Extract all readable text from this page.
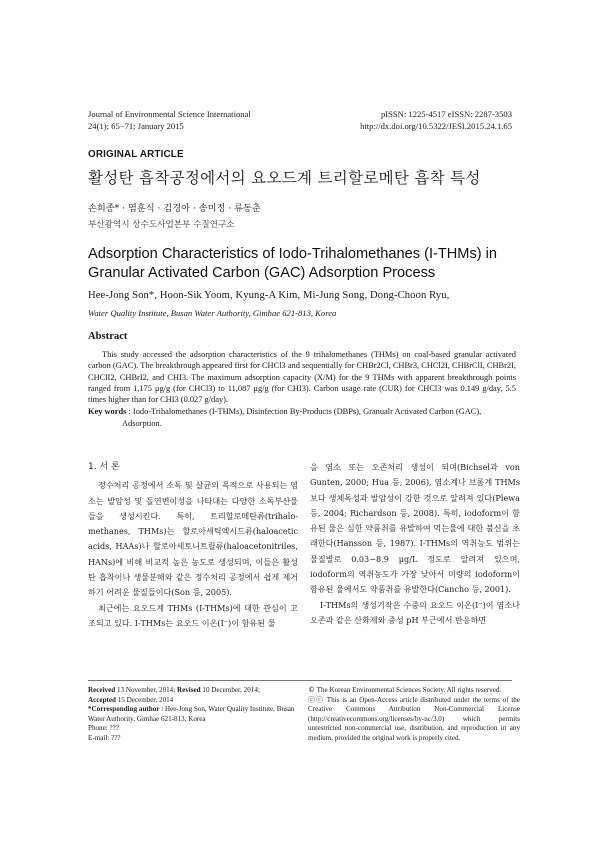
Journal of Environmental Science International
24(1); 65−71; January 2015
pISSN: 1225-4517 eISSN: 2287-3503
http://dx.doi.org/10.5322/JESI.2015.24.1.65
ORIGINAL ARTICLE
활성탄 흡착공정에서의 요오드계 트리할로메탄 흡착 특성
손희종* · 염훈식 · 김경아 · 송미정 · 류동춘
부산광역시 상수도사업본부 수질연구소
Adsorption Characteristics of Iodo-Trihalomethanes (I-THMs) in
Granular Activated Carbon (GAC) Adsorption Process
Hee-Jong Son*, Hoon-Sik Yoom, Kyung-A Kim, Mi-Jung Song, Dong-Choon Ryu,
Water Quality Institute, Busan Water Authority, Gimhae 621-813, Korea
Abstract
This study accessed the adsorption characteristics of the 9 trihalomethanes (THMs) on coal-based granular activated carbon (GAC). The breakthrough appeared first for CHCl3 and sequentially for CHBr2Cl, CHBr3, CHCl2I, CHBrClI, CHBr2I, CHClI2, CHBrI2, and CHI3. The maximum adsorption capacity (X/M) for the 9 THMs with apparent breakthrough points ranged from 1,175 μg/g (for CHCl3) to 11,087 μg/g (for CHI3). Carbon usage rate (CUR) for CHCl3 was 0.149 g/day, 5.5 times higher than for CHI3 (0.027 g/day).
Key words : Iodo-Trihalomethanes (I-THMs), Disinfection By-Products (DBPs), Granualr Activated Carbon (GAC),
Adsorption.
1. 서 론

정수처리 공정에서 소독 및 살균의 목적으로 사용되는 염소는 발암성 및 돌연변이성을 나타내는 다양한 소독부산물들을 생성시킨다. 특히, 트리할로메탄류(trihalo-methanes, THMs)는 할로아세틱엑시드류(haloacetic acids, HAAs)나 할로아세토니트릴류(haloacetonitriles, HANs)에 비해 비교적 높은 농도로 생성되며, 이들은 활성탄 흡착이나 생물분해와 같은 정수처리 공정에서 쉽게 제거하기 어려운 물질들이다(Son 등, 2005).

최근에는 요오드계 THMs (I-THMs)에 대한 관심이 고조되고 있다. I-THMs는 요오드 이온(I⁻)이 함유된 물

을 염소 또는 오존처리 생성이 되며(Bichsel과 von Gunten, 2000; Hua 등, 2006), 염소계나 브롬계 THMs 보다 생체독성과 발암성이 강한 것으로 알려져 있다(Plewa 등, 2004; Richardson 등, 2008). 특히, iodoform이 함유된 물은 심한 약품취를 유발하여 먹는물에 대한 불신을 초래한다(Hansson 등, 1987). I-THMs의 역취능도 범위는 물질별로 0.03−8.9 μg/L 정도로 알려져 있으며, iodoform의 역취농도가 가장 낮아서 미량의 iodoform이 함유된 물에서도 약품취를 유발한다(Cancho 등, 2001).

I-THMs의 생성기작은 수중의 요오드 이온(I⁻)이 염소나 오존과 같은 산화제와 중성 pH 부근에서 반응하면

Received 13 November, 2014; Revised 10 December, 2014;
Accepted 15 December, 2014
*Corresponding author : Hee-Jong Son, Water Quality Institute, Busan Water Authority, Gimhae 621-813, Korea
Phone: ???
E-mail: ???
© The Korean Environmental Sciences Society. All rights reserved.
ⓒⓒ This is an Open-Access article distributed under the terms of the Creative Commons Attribution Non-Commercial License (http://creativecommons.org/licenses/by-nc/3.0) which permits unrestricted non-commercial use, distribution, and reproduction in any medium, provided the original work is properly cited.
